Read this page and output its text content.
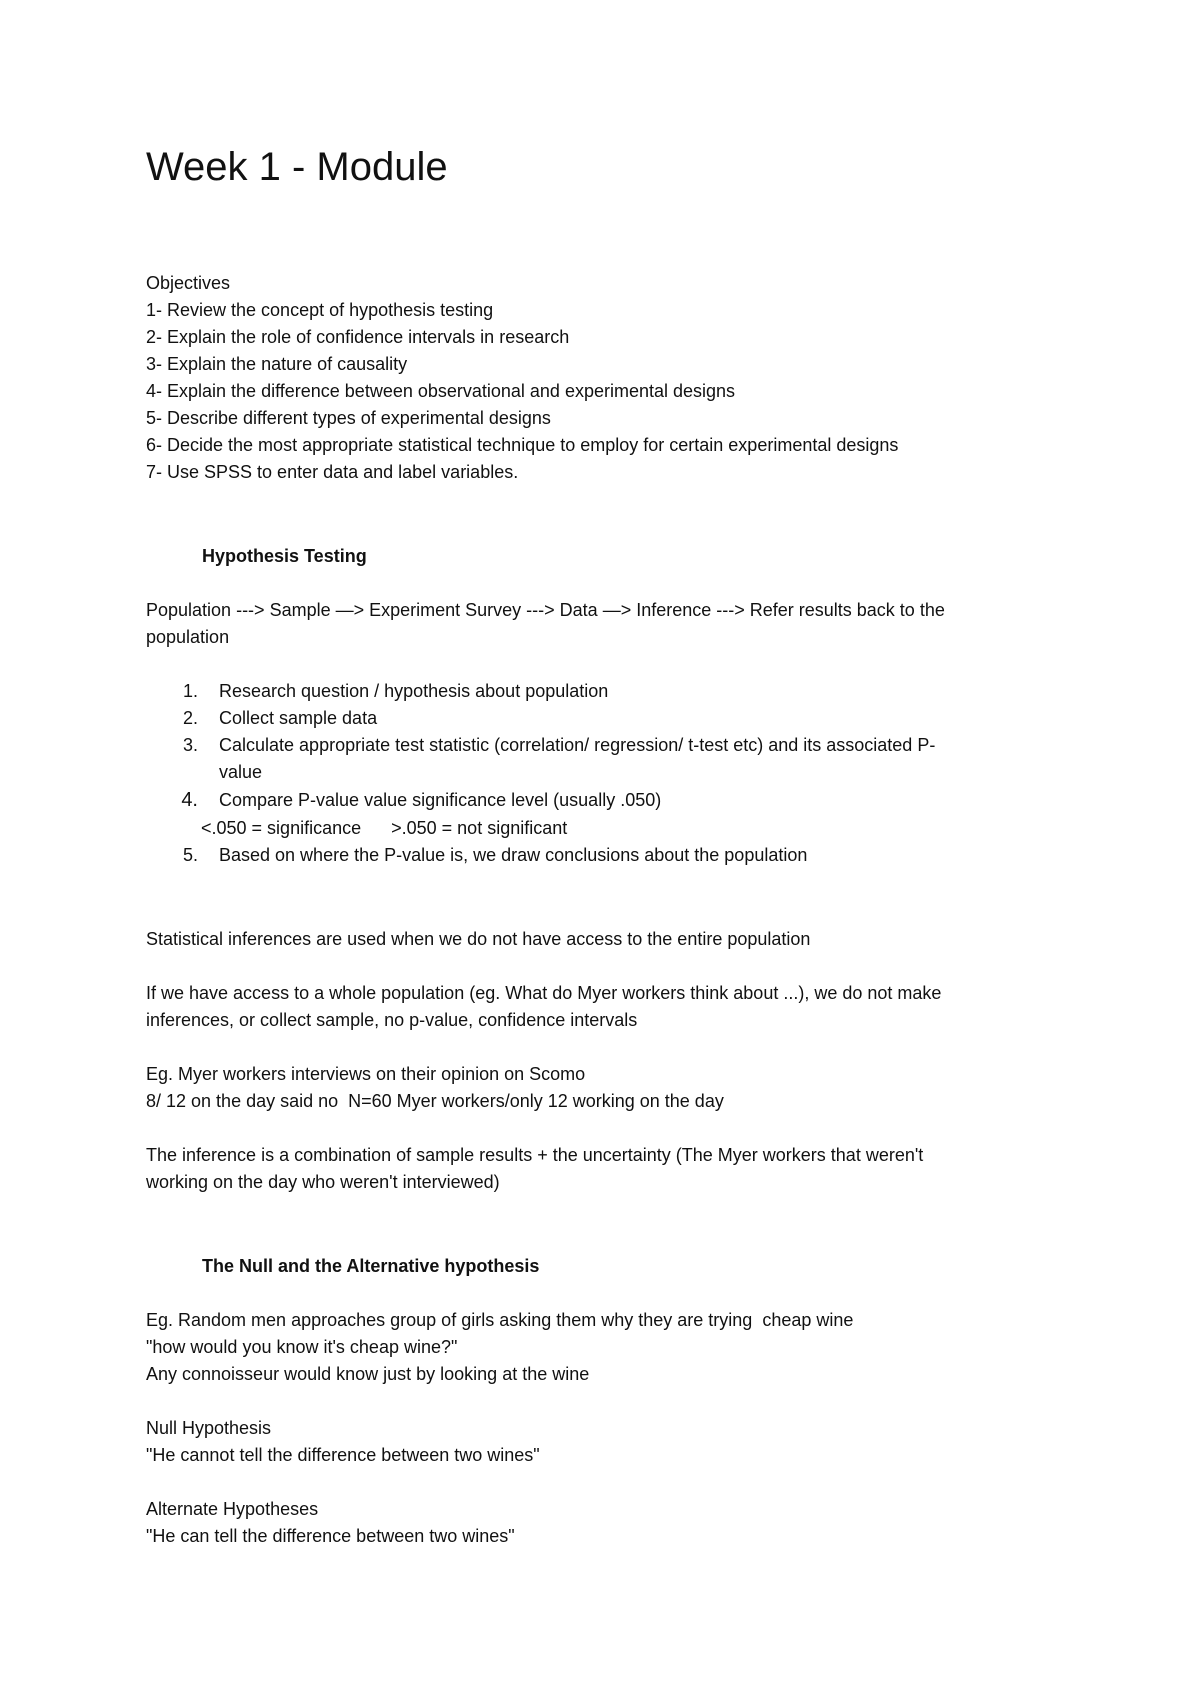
Week 1 - Module
Objectives
1- Review the concept of hypothesis testing
2- Explain the role of confidence intervals in research
3- Explain the nature of causality
4- Explain the difference between observational and experimental designs
5- Describe different types of experimental designs
6- Decide the most appropriate statistical technique to employ for certain experimental designs
7- Use SPSS to enter data and label variables.
Hypothesis Testing
Population ---> Sample —> Experiment Survey ---> Data —> Inference ---> Refer results back to the
population
1. Research question / hypothesis about population
2. Collect sample data
3. Calculate appropriate test statistic (correlation/ regression/ t-test etc) and its associated P-
value
4. Compare P-value value significance level (usually .050)
<.050 = significance      >.050 = not significant
5. Based on where the P-value is, we draw conclusions about the population
Statistical inferences are used when we do not have access to the entire population
If we have access to a whole population (eg. What do Myer workers think about ...), we do not make
inferences, or collect sample, no p-value, confidence intervals
Eg. Myer workers interviews on their opinion on Scomo
8/ 12 on the day said no  N=60 Myer workers/only 12 working on the day
The inference is a combination of sample results + the uncertainty (The Myer workers that weren't
working on the day who weren't interviewed)
The Null and the Alternative hypothesis
Eg. Random men approaches group of girls asking them why they are trying  cheap wine
"how would you know it's cheap wine?"
Any connoisseur would know just by looking at the wine
Null Hypothesis
"He cannot tell the difference between two wines"
Alternate Hypotheses
"He can tell the difference between two wines"
